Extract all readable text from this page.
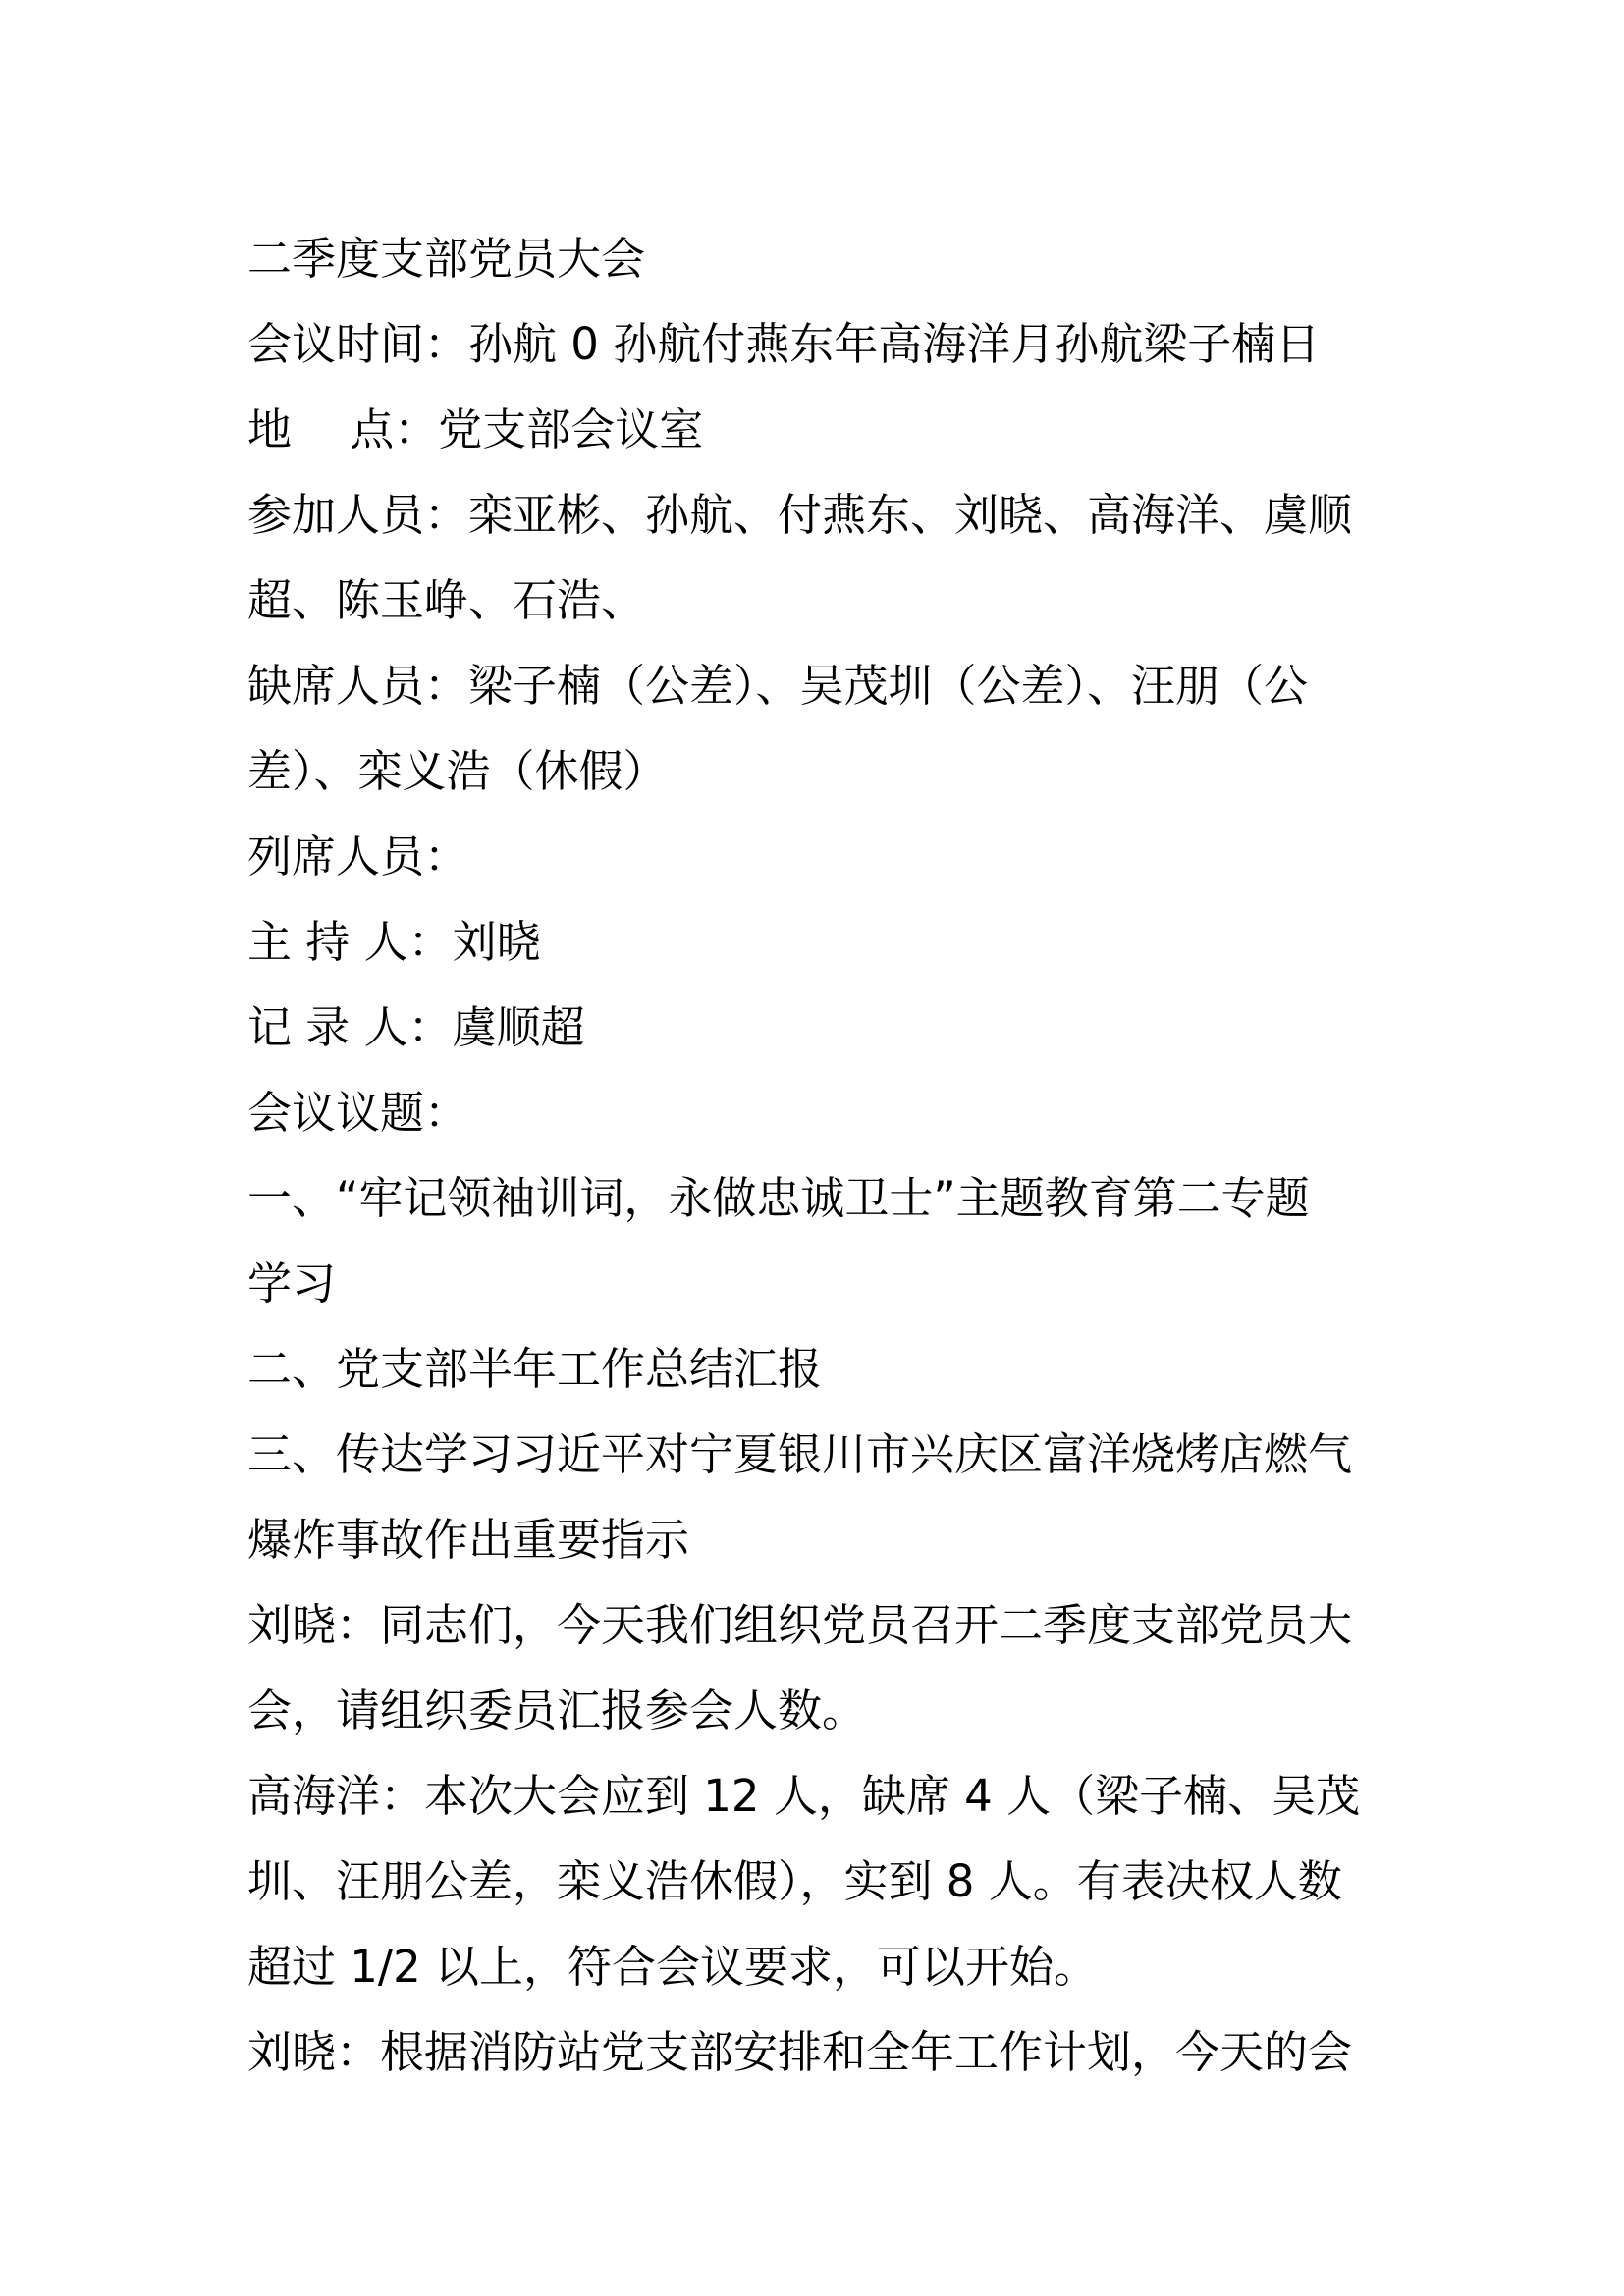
二季度支部党员大会
会议时间：孙航 0 孙航付燕东年高海洋月孙航梁子楠日
地　 点：党支部会议室
参加人员：栾亚彬、孙航、付燕东、刘晓、高海洋、虞顺
超、陈玉峥、石浩、
缺席人员：梁子楠（公差）、吴茂圳（公差）、汪朋（公
差）、栾义浩（休假）
列席人员：
主 持 人：刘晓
记 录 人：虞顺超
会议议题：
一、“牢记领袖训词，永做忠诚卫士”主题教育第二专题
学习
二、党支部半年工作总结汇报
三、传达学习习近平对宁夏银川市兴庆区富洋烧烤店燃气
爆炸事故作出重要指示
刘晓：同志们，今天我们组织党员召开二季度支部党员大
会，请组织委员汇报参会人数。
高海洋：本次大会应到 12 人，缺席 4 人（梁子楠、吴茂
圳、汪朋公差，栾义浩休假），实到 8 人。有表决权人数
超过 1/2 以上，符合会议要求，可以开始。
刘晓：根据消防站党支部安排和全年工作计划，今天的会
